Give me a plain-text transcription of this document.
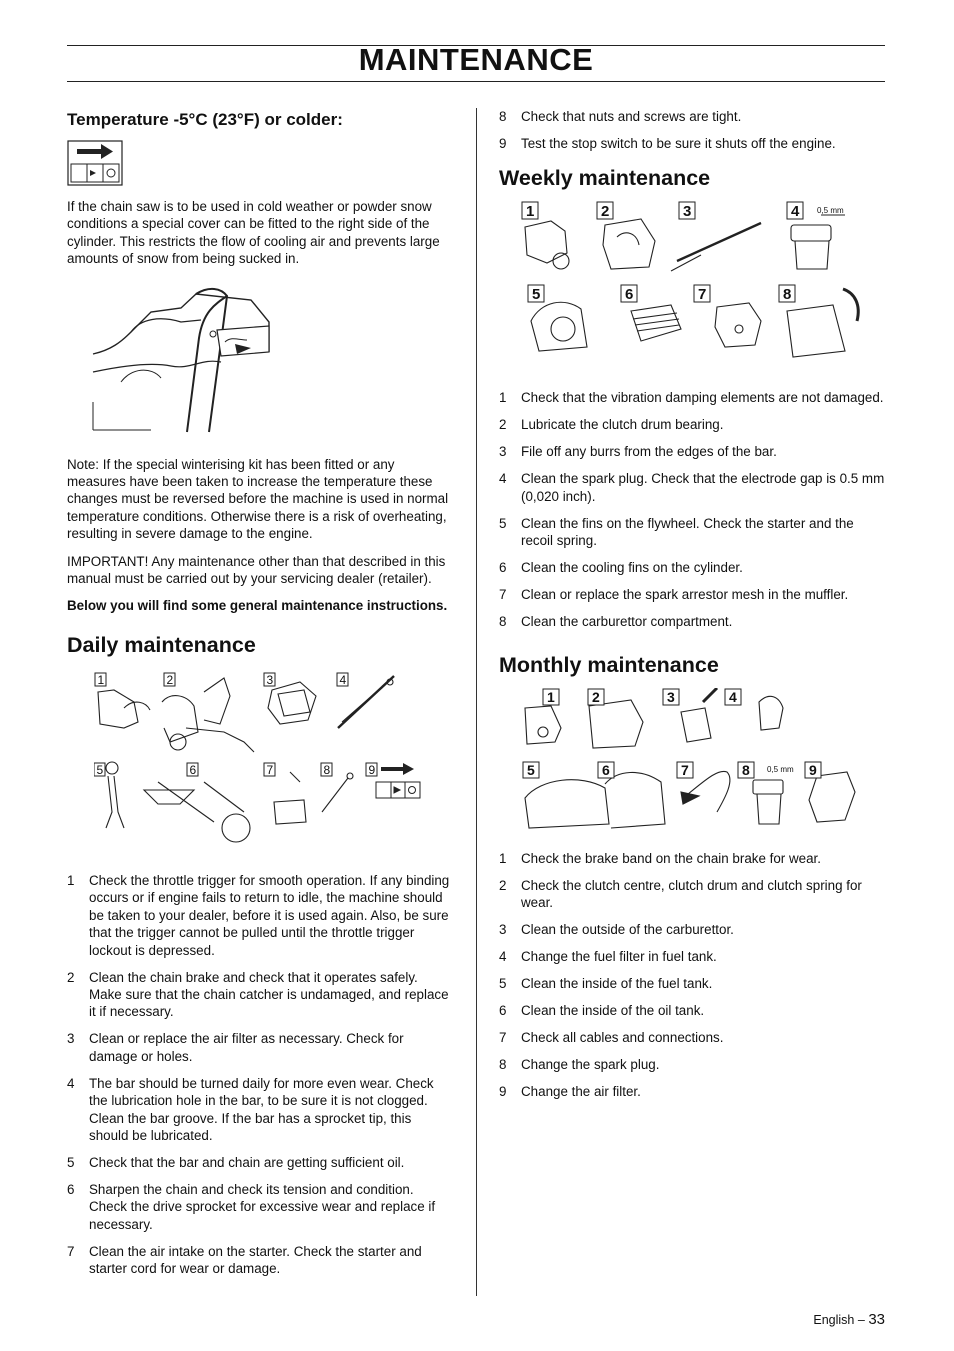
MAINTENANCE
Temperature -5°C (23°F) or colder:

If the chain saw is to be used in cold weather or powder snow conditions a special cover can be fitted to the right side of the cylinder. This restricts the flow of cooling air and prevents large amounts of snow from being sucked in.

Note: If the special winterising kit has been fitted or any measures have been taken to increase the temperature these changes must be reversed before the machine is used in normal temperature conditions. Otherwise there is a risk of overheating, resulting in severe damage to the engine.

IMPORTANT! Any maintenance other than that described in this manual must be carried out by your servicing dealer (retailer).

Below you will find some general maintenance instructions.

Daily maintenance
1	2	3	4
5	6	7	8	9
1 Check the throttle trigger for smooth operation. If any binding occurs or if engine fails to return to idle, the machine should be taken to your dealer, before it is used again. Also, be sure that the trigger cannot be pulled until the throttle trigger lockout is depressed.
2 Clean the chain brake and check that it operates safely. Make sure that the chain catcher is undamaged, and replace it if necessary.
3 Clean or replace the air filter as necessary. Check for damage or holes.
4 The bar should be turned daily for more even wear. Check the lubrication hole in the bar, to be sure it is not clogged. Clean the bar groove. If the bar has a sprocket tip, this should be lubricated.
5 Check that the bar and chain are getting sufficient oil.
6 Sharpen the chain and check its tension and condition. Check the drive sprocket for excessive wear and replace if necessary.
7 Clean the air intake on the starter. Check the starter and starter cord for wear or damage.
8 Check that nuts and screws are tight.
9 Test the stop switch to be sure it shuts off the engine.
Weekly maintenance
0,5 mm
1	2	3	4
5	6	7	8
1 Check that the vibration damping elements are not damaged.
2 Lubricate the clutch drum bearing.
3 File off any burrs from the edges of the bar.
4 Clean the spark plug. Check that the electrode gap is 0.5 mm (0,020 inch).
5 Clean the fins on the flywheel. Check the starter and the recoil spring.
6 Clean the cooling fins on the cylinder.
7 Clean or replace the spark arrestor mesh in the muffler.
8 Clean the carburettor compartment.
Monthly maintenance
0,5 mm
1	2	3	4
5	6	7	8	9
1 Check the brake band on the chain brake for wear.
2 Check the clutch centre, clutch drum and clutch spring for wear.
3 Clean the outside of the carburettor.
4 Change the fuel filter in fuel tank.
5 Clean the inside of the fuel tank.
6 Clean the inside of the oil tank.
7 Check all cables and connections.
8 Change the spark plug.
9 Change the air filter.
English – 33
